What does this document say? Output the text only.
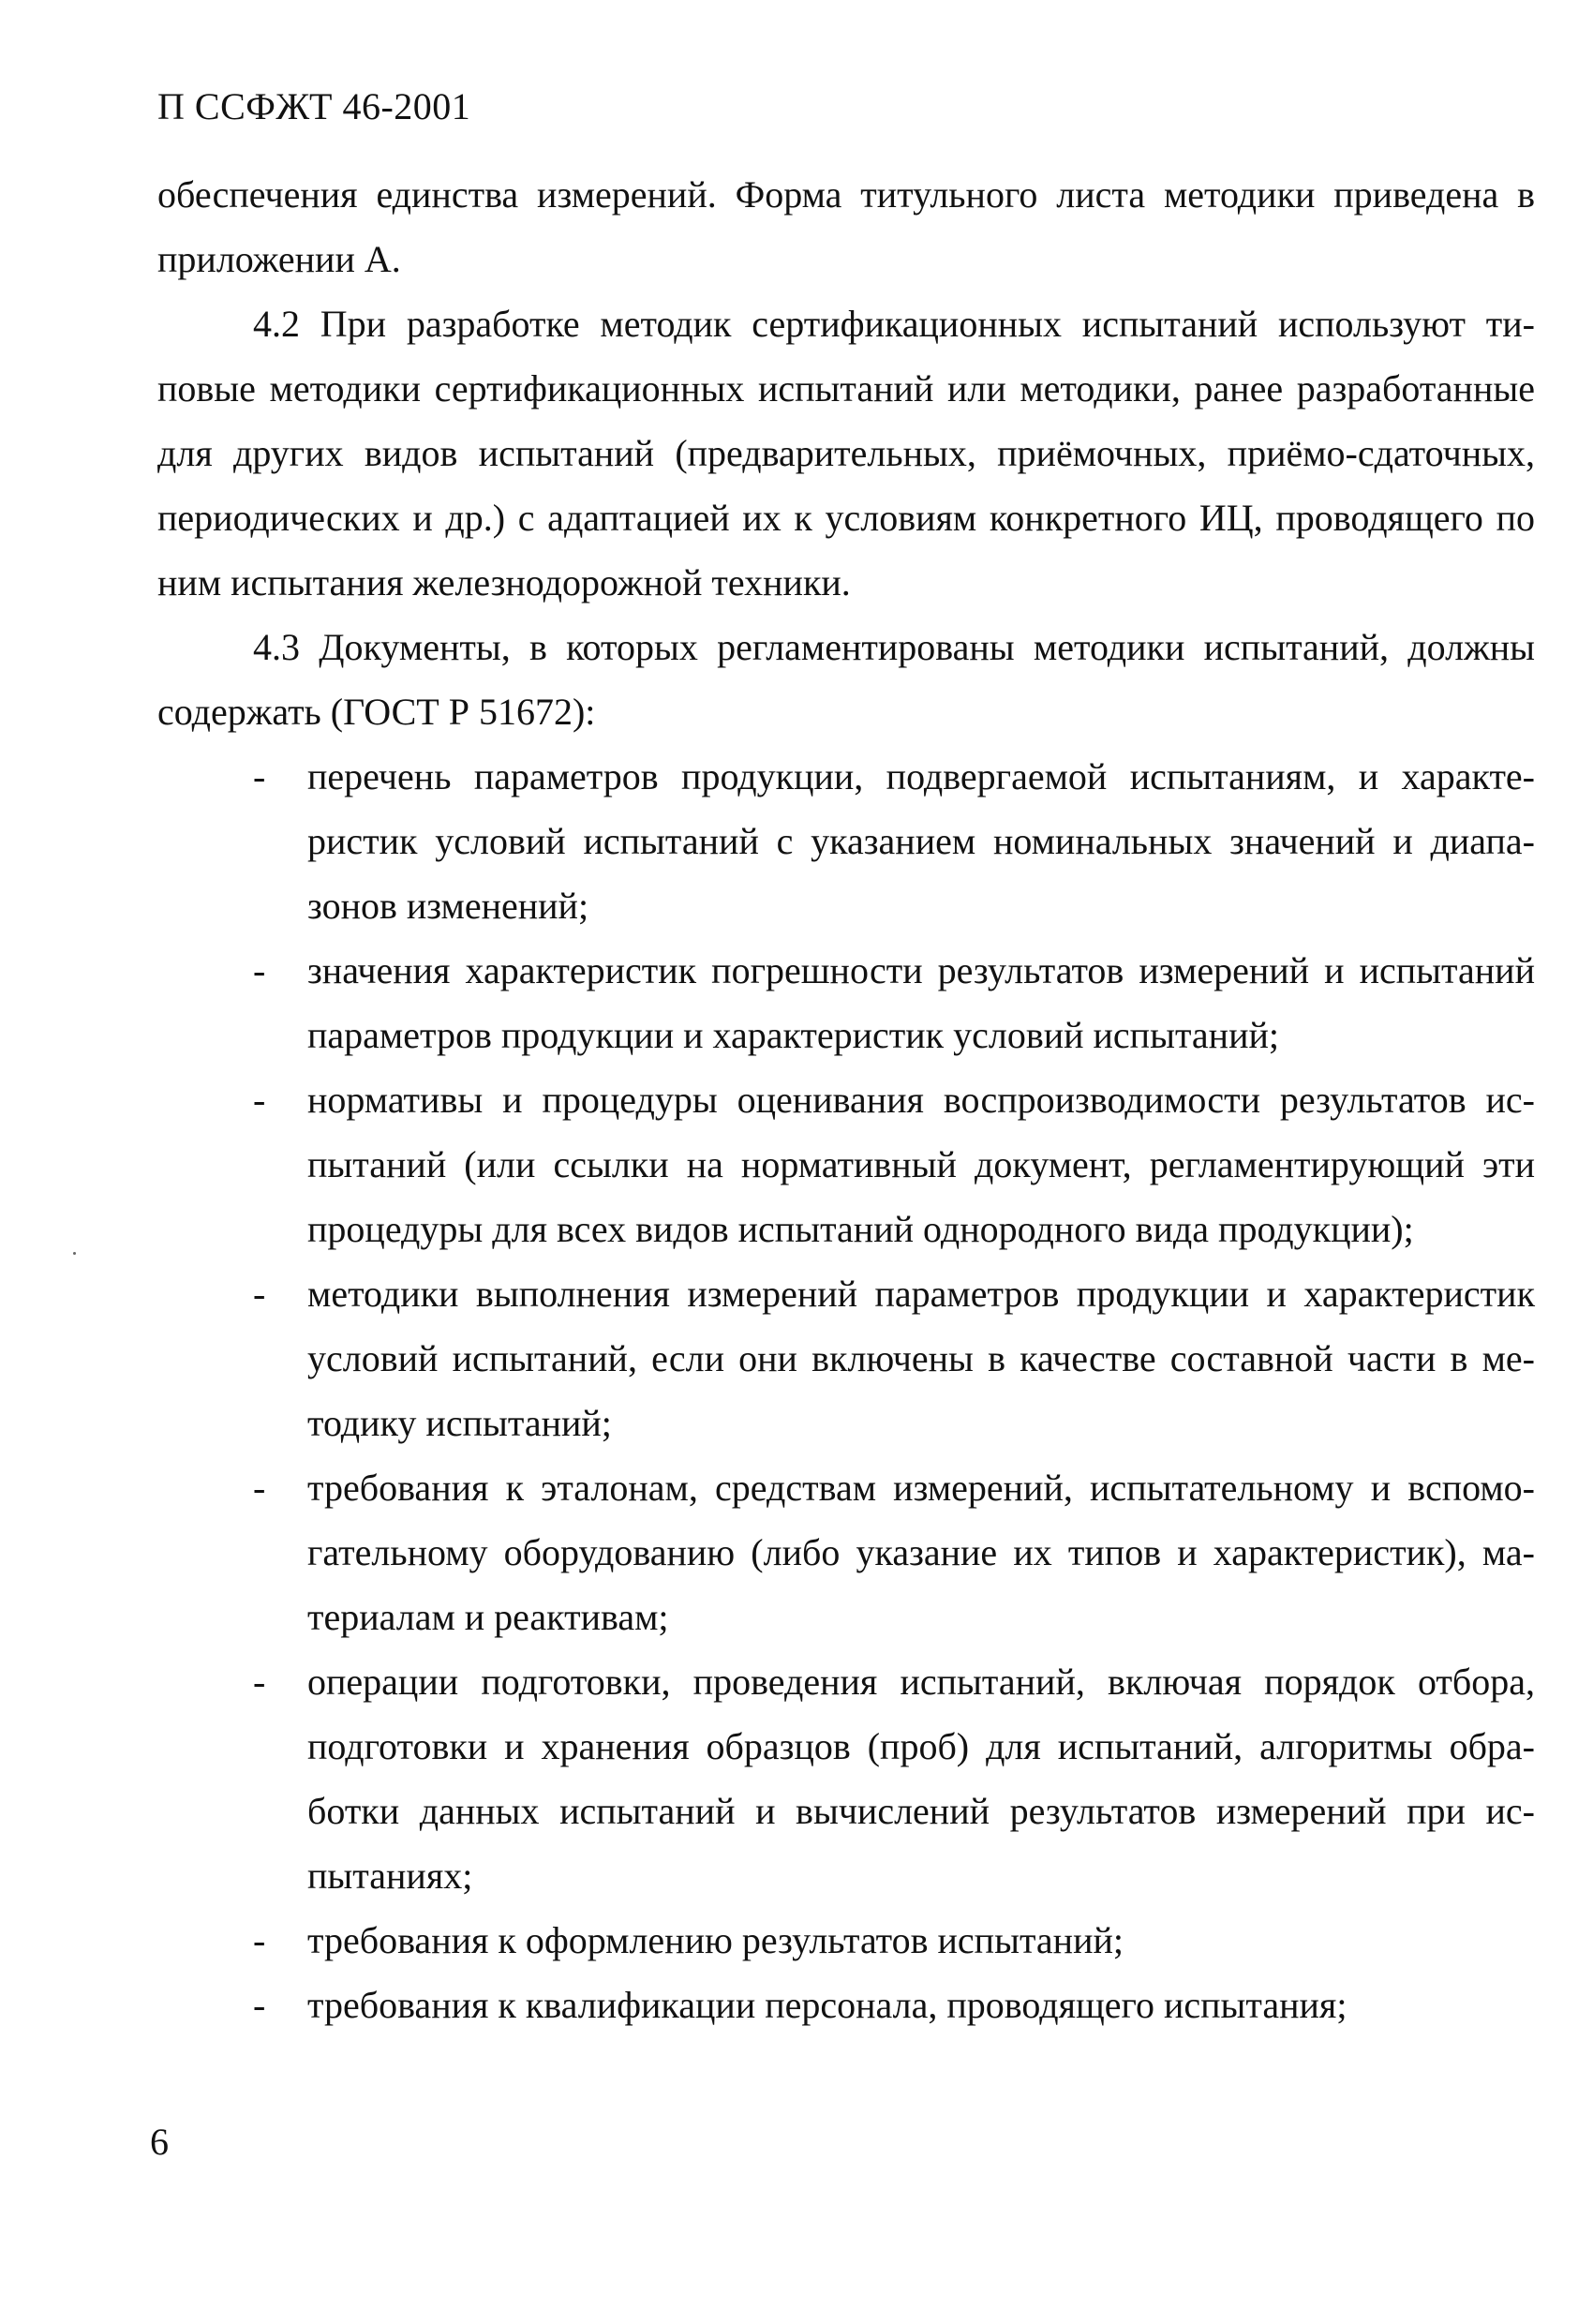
П ССФЖТ 46-2001

обеспечения единства измерений. Форма титульного листа методики приведена в приложении А.

4.2 При разработке методик сертификационных испытаний используют типовые методики сертификационных испытаний или методики, ранее разработанные для других видов испытаний (предварительных, приёмочных, приёмо-сдаточных, периодических и др.) с адаптацией их к условиям конкретного ИЦ, проводящего по ним испытания железнодорожной техники.

4.3 Документы, в которых регламентированы методики испытаний, должны содержать (ГОСТ Р 51672):

-	перечень параметров продукции, подвергаемой испытаниям, и характеристик условий испытаний с указанием номинальных значений и диапазонов изменений;
-	значения характеристик погрешности результатов измерений и испытаний параметров продукции и характеристик условий испытаний;
-	нормативы и процедуры оценивания воспроизводимости результатов испытаний (или ссылки на нормативный документ, регламентирующий эти процедуры для всех видов испытаний однородного вида продукции);
-	методики выполнения измерений параметров продукции и характеристик условий испытаний, если они включены в качестве составной части в методику испытаний;
-	требования к эталонам, средствам измерений, испытательному и вспомогательному оборудованию (либо указание их типов и характеристик), материалам и реактивам;
-	операции подготовки, проведения испытаний, включая порядок отбора, подготовки и хранения образцов (проб) для испытаний, алгоритмы обработки данных испытаний и вычислений результатов измерений при испытаниях;
-	требования к оформлению результатов испытаний;
-	требования к квалификации персонала, проводящего испытания;
6
